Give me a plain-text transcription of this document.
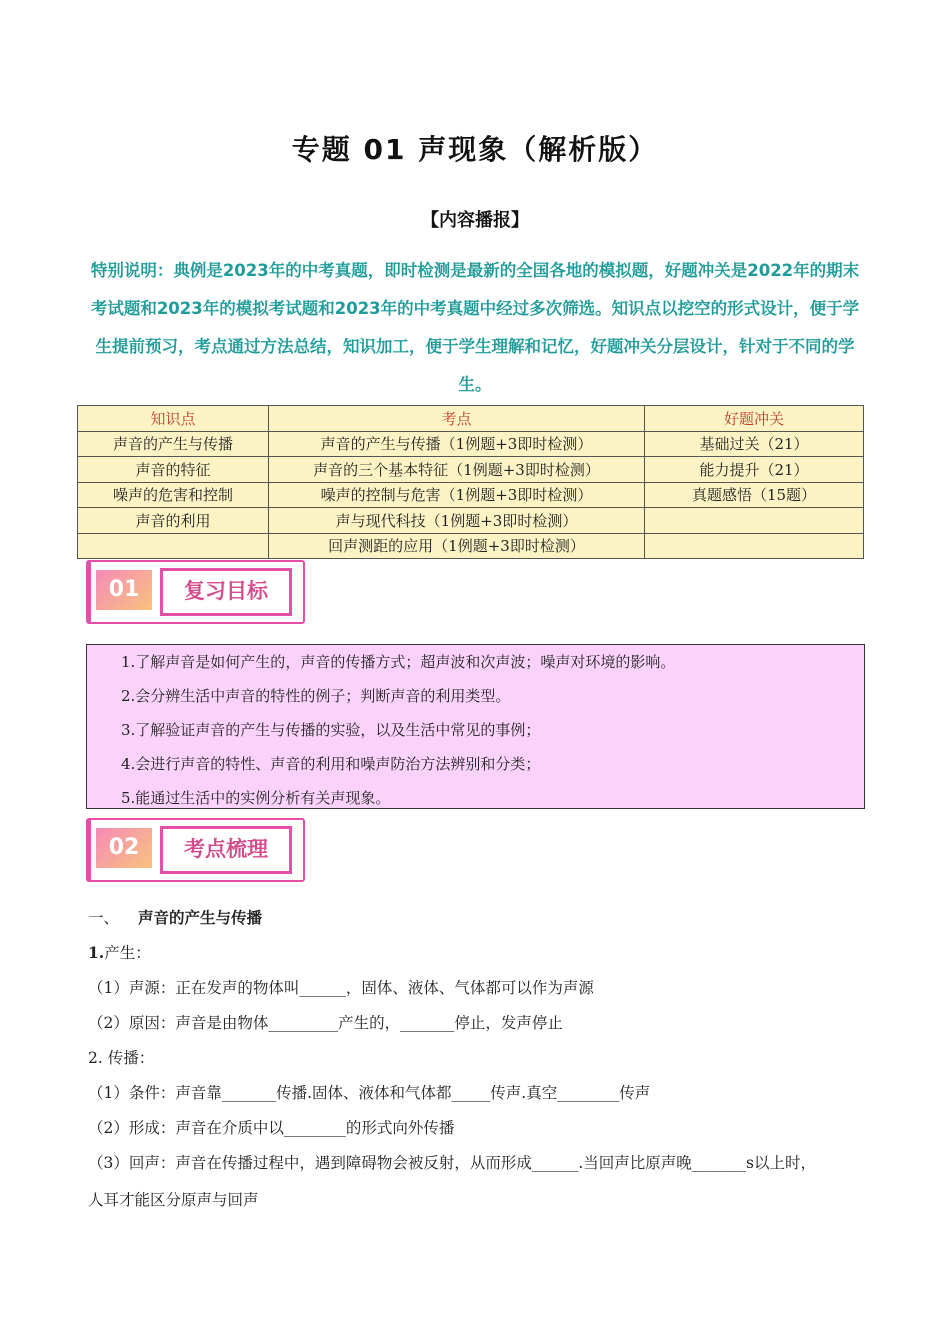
专题 01 声现象（解析版）
【内容播报】
特别说明：典例是2023年的中考真题，即时检测是最新的全国各地的模拟题，好题冲关是2022年的期末考试题和2023年的模拟考试题和2023年的中考真题中经过多次筛选。知识点以挖空的形式设计，便于学生提前预习，考点通过方法总结，知识加工，便于学生理解和记忆，好题冲关分层设计，针对于不同的学生。
知识点	考点	好题冲关
声音的产生与传播	声音的产生与传播（1例题+3即时检测）	基础过关（21）
声音的特征	声音的三个基本特征（1例题+3即时检测）	能力提升（21）
噪声的危害和控制	噪声的控制与危害（1例题+3即时检测）	真题感悟（15题）
声音的利用	声与现代科技（1例题+3即时检测）	
	回声测距的应用（1例题+3即时检测）	
01	复习目标
1.了解声音是如何产生的，声音的传播方式；超声波和次声波；噪声对环境的影响。
2.会分辨生活中声音的特性的例子；判断声音的利用类型。
3.了解验证声音的产生与传播的实验，以及生活中常见的事例；
4.会进行声音的特性、声音的利用和噪声防治方法辨别和分类；
5.能通过生活中的实例分析有关声现象。
02	考点梳理
一、 声音的产生与传播
1.产生：
（1）声源：正在发声的物体叫______，固体、液体、气体都可以作为声源
（2）原因：声音是由物体_________产生的，_______停止，发声停止
2. 传播：
（1）条件：声音靠_______传播.固体、液体和气体都_____传声.真空________传声
（2）形成：声音在介质中以________的形式向外传播
（3）回声：声音在传播过程中，遇到障碍物会被反射，从而形成______.当回声比原声晚_______s以上时，
人耳才能区分原声与回声
